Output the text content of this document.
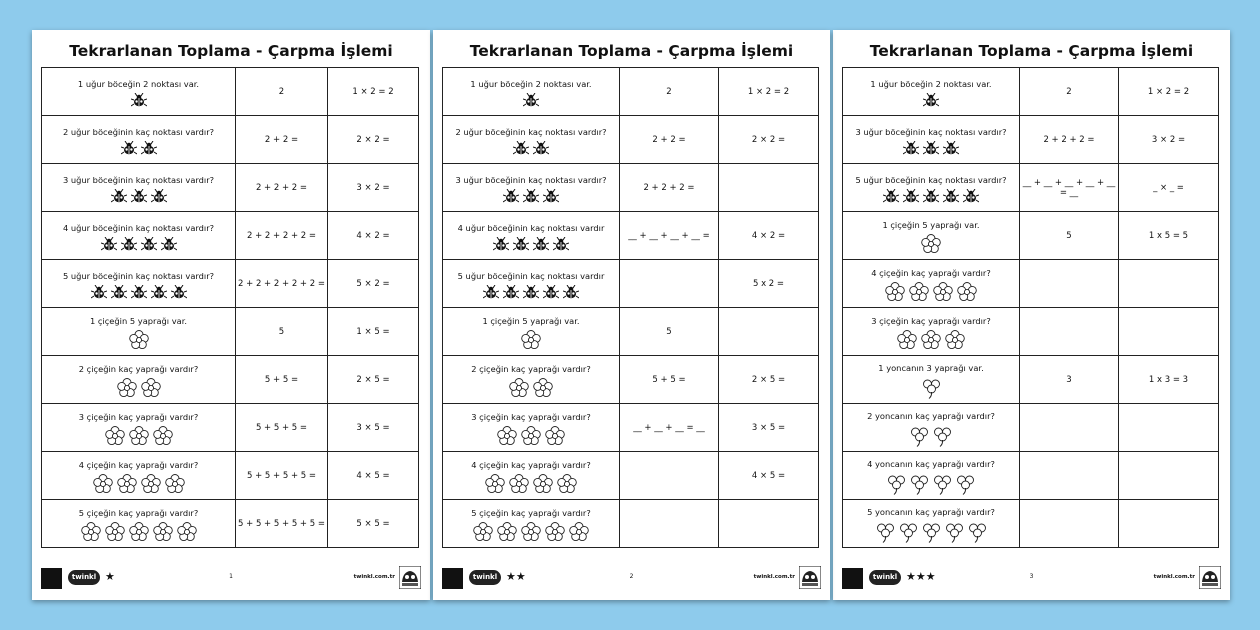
Tekrarlanan Toplama - Çarpma İşlemi
1 uğur böceğin 2 noktası var.	2	1 × 2 = 2

2 uğur böceğinin kaç noktası vardır?	2 + 2 =	2 × 2 =

3 uğur böceğinin kaç noktası vardır?	2 + 2 + 2 =	3 × 2 =

4 uğur böceğinin kaç noktası vardır?	2 + 2 + 2 + 2 =	4 × 2 =

5 uğur böceğinin kaç noktası vardır?	2 + 2 + 2 + 2 + 2 =	5 × 2 =

1 çiçeğin 5 yaprağı var.	5	1 × 5 =

2 çiçeğin kaç yaprağı vardır?	5 + 5 =	2 × 5 =

3 çiçeğin kaç yaprağı vardır?	5 + 5 + 5 =	3 × 5 =

4 çiçeğin kaç yaprağı vardır?	5 + 5 + 5 + 5 =	4 × 5 =

5 çiçeğin kaç yaprağı vardır?	5 + 5 + 5 + 5 + 5 =	5 × 5 =
twinkl ★	1	twinkl.com.tr
Tekrarlanan Toplama - Çarpma İşlemi
1 uğur böceğin 2 noktası var.	2	1 × 2 = 2

2 uğur böceğinin kaç noktası vardır?	2 + 2 =	2 × 2 =

3 uğur böceğinin kaç noktası vardır?	2 + 2 + 2 =	

4 uğur böceğinin kaç noktası vardır	__ + __ + __ + __ =	4 × 2 =

5 uğur böceğinin kaç noktası vardır		5 x 2 =

1 çiçeğin 5 yaprağı var.	5	

2 çiçeğin kaç yaprağı vardır?	5 + 5 =	2 × 5 =

3 çiçeğin kaç yaprağı vardır?	__ + __ + __ = __	3 × 5 =

4 çiçeğin kaç yaprağı vardır?		4 × 5 =

5 çiçeğin kaç yaprağı vardır?		

twinkl ★★	2	twinkl.com.tr
Tekrarlanan Toplama - Çarpma İşlemi
1 uğur böceğin 2 noktası var.	2	1 × 2 = 2

3 uğur böceğinin kaç noktası vardır?	2 + 2 + 2 =	3 × 2 =

5 uğur böceğinin kaç noktası vardır?	__ + __ + __ + __ + __ = __	_ × _ =

1 çiçeğin 5 yaprağı var.	5	1 x 5 = 5

4 çiçeğin kaç yaprağı vardır?		

3 çiçeğin kaç yaprağı vardır?		

1 yoncanın 3 yaprağı var.	3	1 x 3 = 3

2 yoncanın kaç yaprağı vardır?		

4 yoncanın kaç yaprağı vardır?		

5 yoncanın kaç yaprağı vardır?		

twinkl ★★★	3	twinkl.com.tr
